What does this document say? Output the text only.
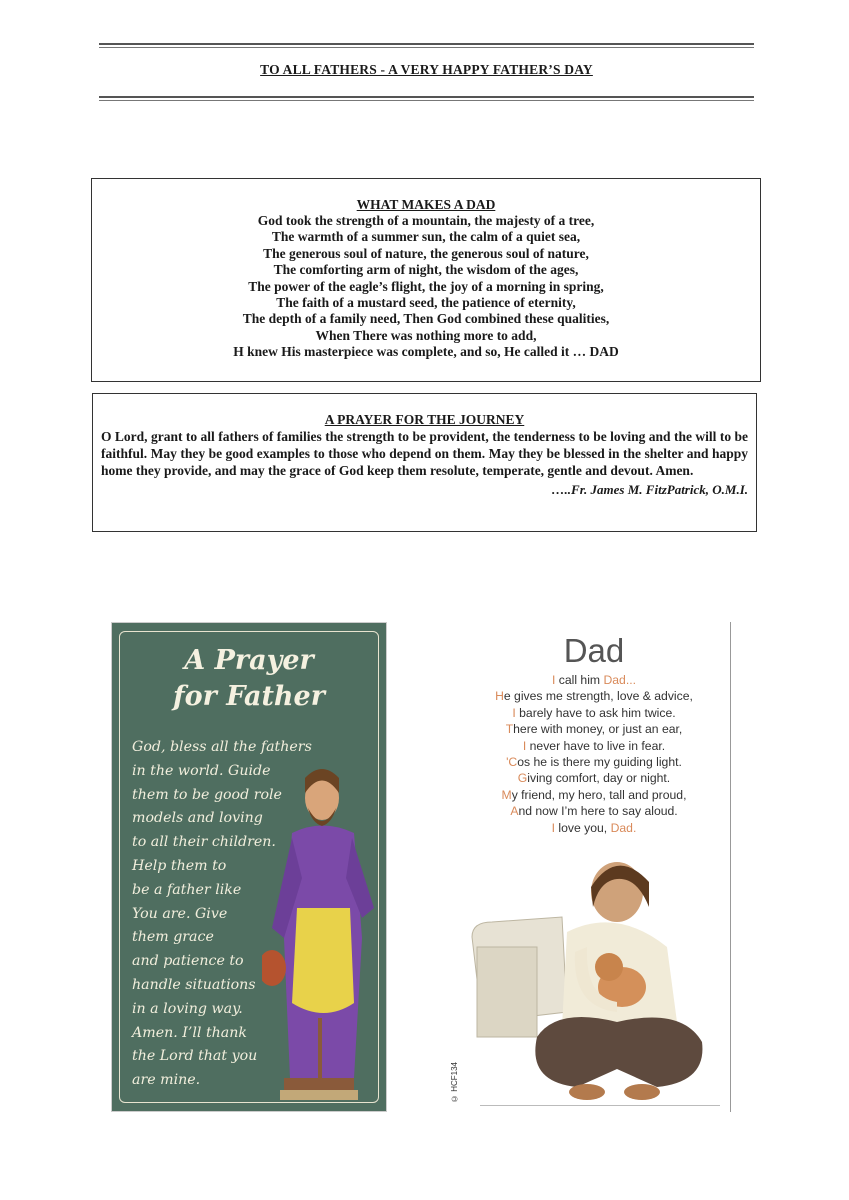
TO ALL FATHERS - A VERY HAPPY FATHER’S DAY
WHAT MAKES A DAD
God took the strength of a mountain, the majesty of a tree,
The warmth of a summer sun, the calm of a quiet sea,
The generous soul of nature, the generous soul of nature,
The comforting arm of night, the wisdom of the ages,
The power of the eagle’s flight, the joy of a morning in spring,
The faith of a mustard seed, the patience of eternity,
The depth of a family need, Then God combined these qualities,
When There was nothing more to add,
H knew His masterpiece was complete, and so, He called it … DAD
A PRAYER FOR THE JOURNEY
O Lord, grant to all fathers of families the strength to be provident, the tenderness to be loving and the will to be faithful. May they be good examples to those who depend on them. May they be blessed in the shelter and happy home they provide, and may the grace of God keep them resolute, temperate, gentle and devout. Amen.
…..Fr. James M. FitzPatrick, O.M.I.
A Prayer
for Father
God, bless all the fathers
in the world. Guide
them to be good role
models and loving
to all their children.
Help them to
be a father like
You are. Give
them grace
and patience to
handle situations
in a loving way.
Amen. I’ll thank
the Lord that you
are mine.
Dad
I call him Dad...
He gives me strength, love & advice,
I barely have to ask him twice.
There with money, or just an ear,
I never have to live in fear.
'Cos he is there my guiding light.
Giving comfort, day or night.
My friend, my hero, tall and proud,
And now I’m here to say aloud.
I love you, Dad.
© HCF134
